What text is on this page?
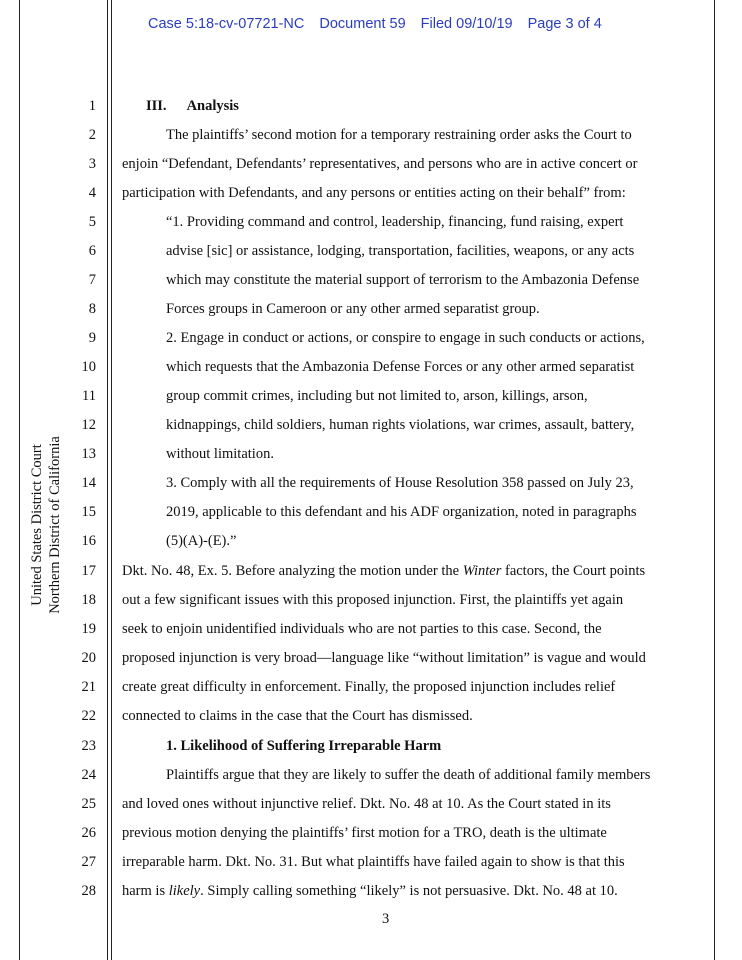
Case 5:18-cv-07721-NC Document 59 Filed 09/10/19 Page 3 of 4
United States District Court Northern District of California
1
2
3
4
5
6
7
8
9
10
11
12
13
14
15
16
17
18
19
20
21
22
23
24
25
26
27
28
III. Analysis
The plaintiffs’ second motion for a temporary restraining order asks the Court to
enjoin “Defendant, Defendants’ representatives, and persons who are in active concert or
participation with Defendants, and any persons or entities acting on their behalf” from:
“1. Providing command and control, leadership, financing, fund raising, expert
advise [sic] or assistance, lodging, transportation, facilities, weapons, or any acts
which may constitute the material support of terrorism to the Ambazonia Defense
Forces groups in Cameroon or any other armed separatist group.
2. Engage in conduct or actions, or conspire to engage in such conducts or actions,
which requests that the Ambazonia Defense Forces or any other armed separatist
group commit crimes, including but not limited to, arson, killings, arson,
kidnappings, child soldiers, human rights violations, war crimes, assault, battery,
without limitation.
3. Comply with all the requirements of House Resolution 358 passed on July 23,
2019, applicable to this defendant and his ADF organization, noted in paragraphs
(5)(A)-(E).”
Dkt. No. 48, Ex. 5. Before analyzing the motion under the Winter factors, the Court points
out a few significant issues with this proposed injunction. First, the plaintiffs yet again
seek to enjoin unidentified individuals who are not parties to this case. Second, the
proposed injunction is very broad—language like “without limitation” is vague and would
create great difficulty in enforcement. Finally, the proposed injunction includes relief
connected to claims in the case that the Court has dismissed.
1. Likelihood of Suffering Irreparable Harm
Plaintiffs argue that they are likely to suffer the death of additional family members
and loved ones without injunctive relief. Dkt. No. 48 at 10. As the Court stated in its
previous motion denying the plaintiffs’ first motion for a TRO, death is the ultimate
irreparable harm. Dkt. No. 31. But what plaintiffs have failed again to show is that this
harm is likely. Simply calling something “likely” is not persuasive. Dkt. No. 48 at 10.
3
